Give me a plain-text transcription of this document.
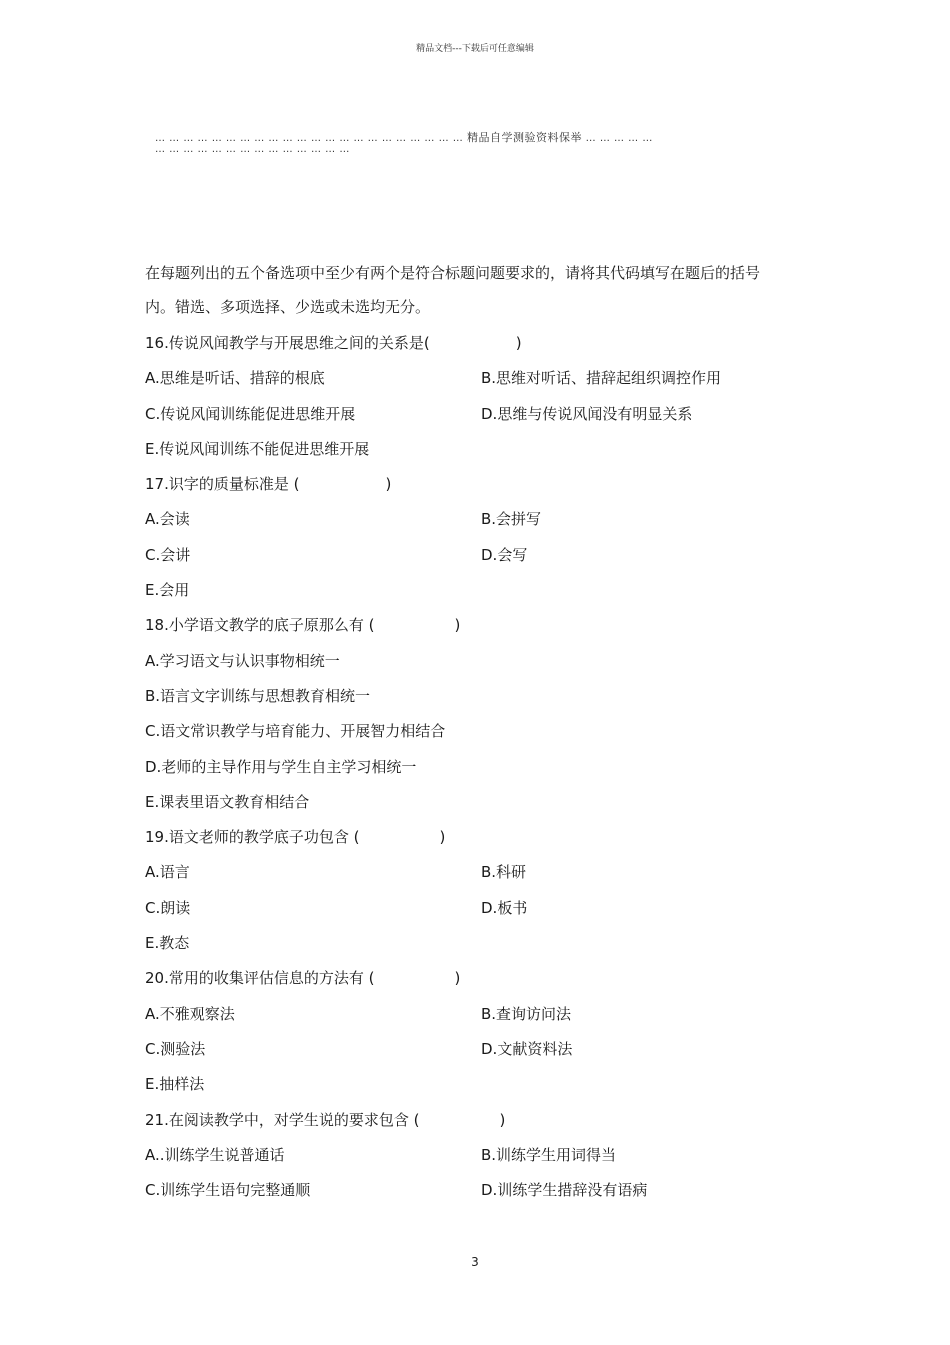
精品文档---下载后可任意编辑
… … … … … … … … … … … … … … … … … … … … … … 精品自学测验资料保举 … … … … …
… … … … … … … … … … … … … …

在每题列出的五个备选项中至少有两个是符合标题问题要求的，请将其代码填写在题后的括号内。错选、多项选择、少选或未选均无分。

16.传说风闻教学与开展思维之间的关系是(	)
A.思维是听话、措辞的根底	B.思维对听话、措辞起组织调控作用
C.传说风闻训练能促进思维开展	D.思维与传说风闻没有明显关系
E.传说风闻训练不能促进思维开展
17.识字的质量标准是 (	)
A.会读	B.会拼写
C.会讲	D.会写
E.会用
18.小学语文教学的底子原那么有 (	)
A.学习语文与认识事物相统一
B.语言文字训练与思想教育相统一
C.语文常识教学与培育能力、开展智力相结合
D.老师的主导作用与学生自主学习相统一
E.课表里语文教育相结合
19.语文老师的教学底子功包含 (	)
A.语言	B.科研
C.朗读	D.板书
E.教态
20.常用的收集评估信息的方法有 (	)
A.不雅观察法	B.查询访问法
C.测验法	D.文献资料法
E.抽样法
21.在阅读教学中，对学生说的要求包含 (	)
A..训练学生说普通话	B.训练学生用词得当
C.训练学生语句完整通顺	D.训练学生措辞没有语病
3
